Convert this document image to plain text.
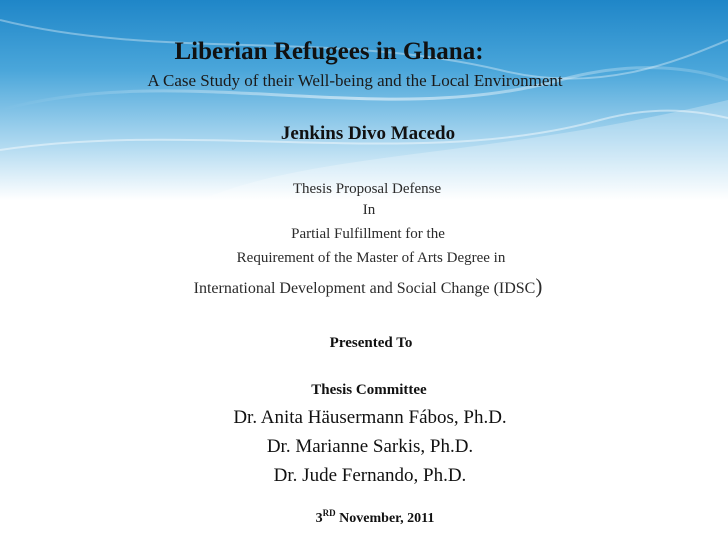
Liberian Refugees in Ghana:
A Case Study of their Well-being and the Local Environment
Jenkins Divo Macedo
Thesis Proposal Defense
In
Partial Fulfillment for the
Requirement of the Master of Arts Degree in
International Development and Social Change (IDSC)
Presented To
Thesis Committee
Dr. Anita Häusermann Fábos, Ph.D.
Dr. Marianne Sarkis, Ph.D.
Dr. Jude Fernando, Ph.D.
3RD November, 2011
